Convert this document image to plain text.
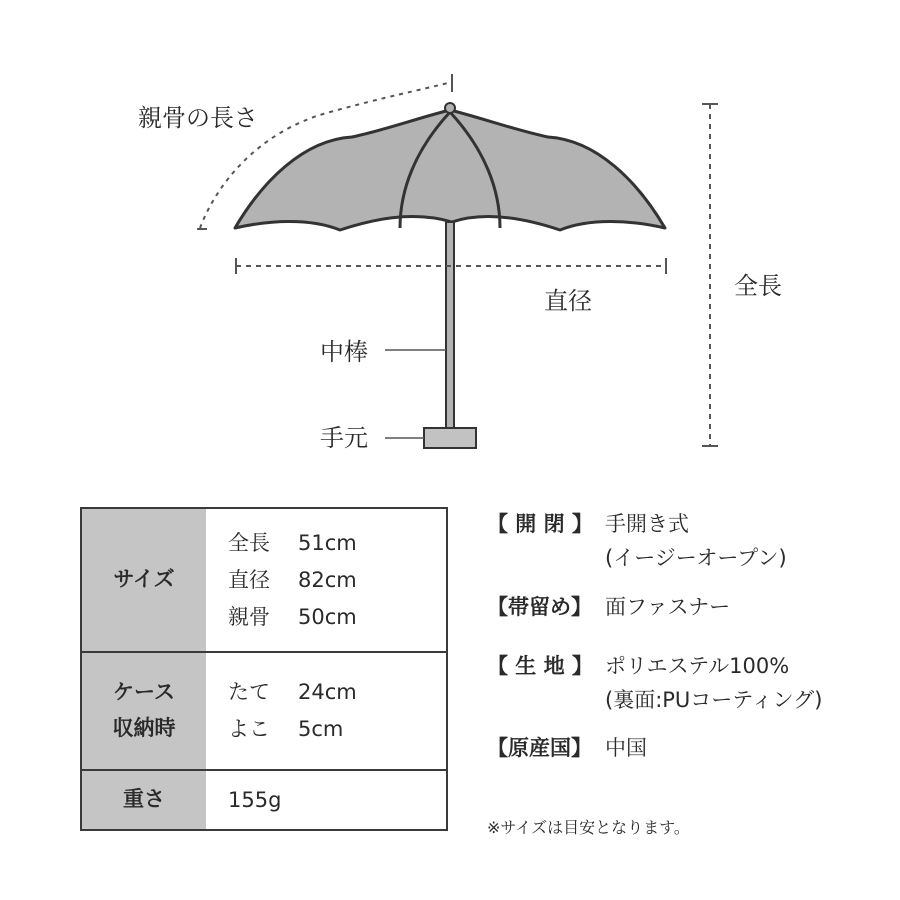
親骨の長さ
直径
全長
中棒
手元
サイズ
全長	51cm
直径	82cm
親骨	50cm
ケース
収納時
たて	24cm
よこ	5cm
重さ	155g
【 開 閉 】 手開き式
(イージーオープン)
【帯留め】 面ファスナー
【 生 地 】 ポリエステル100%
(裏面:PUコーティング)
【原産国】 中国
※サイズは目安となります。
